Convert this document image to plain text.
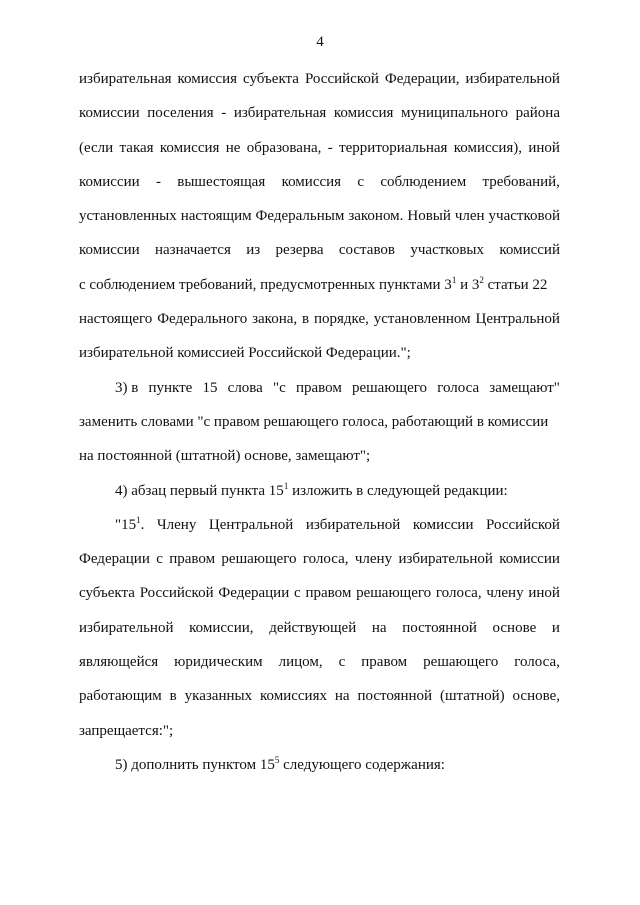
4
избирательная комиссия субъекта Российской Федерации, избирательной
комиссии поселения - избирательная комиссия муниципального района
(если такая комиссия не образована, - территориальная комиссия), иной
комиссии - вышестоящая комиссия с соблюдением требований,
установленных настоящим Федеральным законом. Новый член участковой
комиссии назначается из резерва составов участковых комиссий
с соблюдением требований, предусмотренных пунктами $3^1$ и $3^2$ статьи 22
настоящего Федерального закона, в порядке, установленном Центральной
избирательной комиссией Российской Федерации.";
3) в пункте 15 слова "с правом решающего голоса замещают"
заменить словами "с правом решающего голоса, работающий в комиссии
на постоянной (штатной) основе, замещают";
4) абзац первый пункта $15^1$ изложить в следующей редакции:
"$15^1$. Члену Центральной избирательной комиссии Российской
Федерации с правом решающего голоса, члену избирательной комиссии
субъекта Российской Федерации с правом решающего голоса, члену иной
избирательной комиссии, действующей на постоянной основе и
являющейся юридическим лицом, с правом решающего голоса,
работающим в указанных комиссиях на постоянной (штатной) основе,
запрещается:";
5) дополнить пунктом $15^5$ следующего содержания:
